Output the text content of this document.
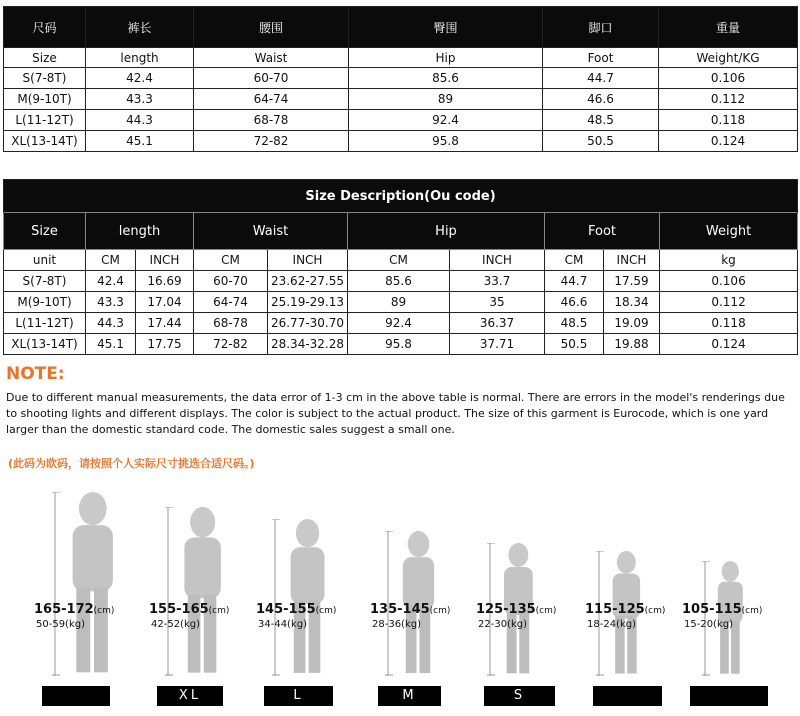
尺码	裤长	腰围	臀围	脚口	重量
Size	length	Waist	Hip	Foot	Weight/KG
S(7-8T)	42.4	60-70	85.6	44.7	0.106
M(9-10T)	43.3	64-74	89	46.6	0.112
L(11-12T)	44.3	68-78	92.4	48.5	0.118
XL(13-14T)	45.1	72-82	95.8	50.5	0.124
Size Description(Ou code)									
Size	length		Waist		Hip		Foot		Weight
unit	CM	INCH	CM	INCH	CM	INCH	CM	INCH	kg
S(7-8T)	42.4	16.69	60-70	23.62-27.55	85.6	33.7	44.7	17.59	0.106
M(9-10T)	43.3	17.04	64-74	25.19-29.13	89	35	46.6	18.34	0.112
L(11-12T)	44.3	17.44	68-78	26.77-30.70	92.4	36.37	48.5	19.09	0.118
XL(13-14T)	45.1	17.75	72-82	28.34-32.28	95.8	37.71	50.5	19.88	0.124
NOTE:
Due to different manual measurements, the data error of 1-3 cm in the above table is normal. There are errors in the model's renderings due to shooting lights and different displays. The color is subject to the actual product. The size of this garment is Eurocode, which is one yard larger than the domestic standard code. The domestic sales suggest a small one.
(此码为欧码，请按照个人实际尺寸挑选合适尺码。)
165-172(cm)
50-59(kg)
155-165(cm)
42-52(kg)
XL
145-155(cm)
34-44(kg)
L
135-145(cm)
28-36(kg)
M
125-135(cm)
22-30(kg)
S
115-125(cm)
18-24(kg)
105-115(cm)
15-20(kg)
